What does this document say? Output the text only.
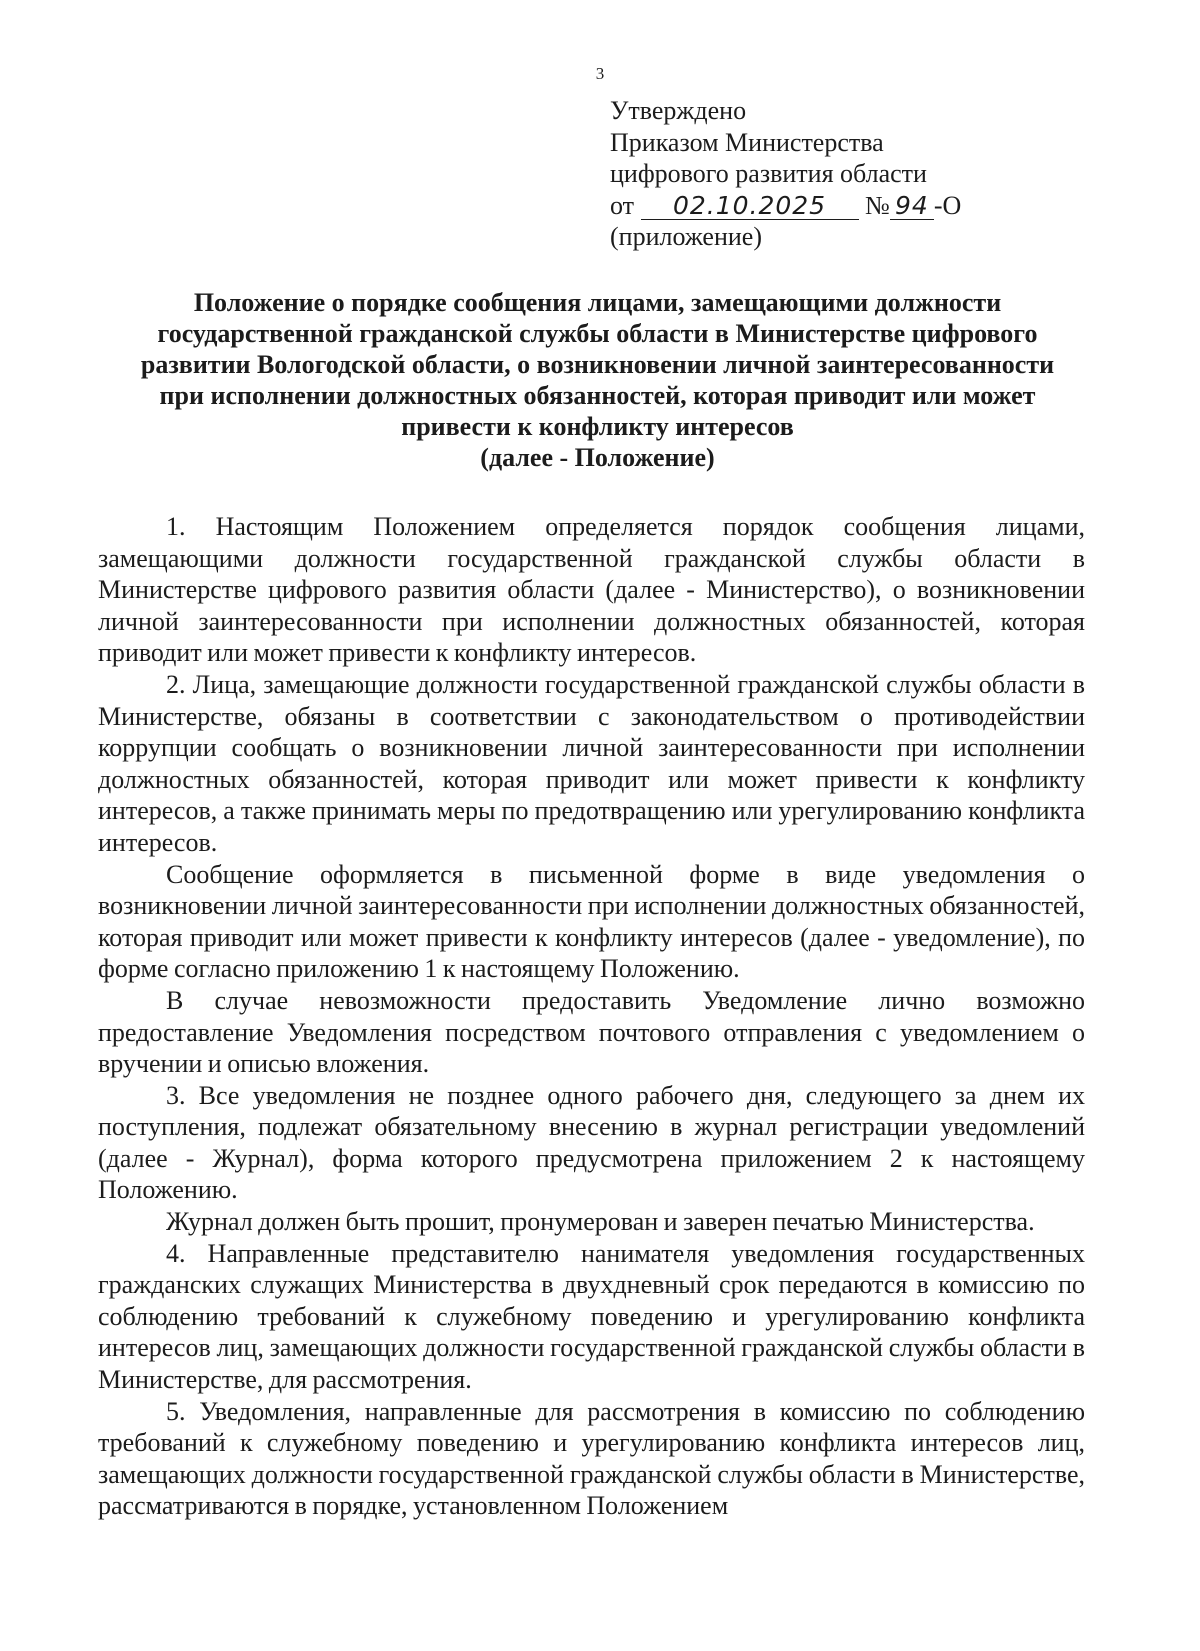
3
Утверждено
Приказом Министерства
цифрового развития области
от 02.10.2025 № 94 -О
(приложение)
Положение о порядке сообщения лицами, замещающими должности
государственной гражданской службы области в Министерстве цифрового
развитии Вологодской области, о возникновении личной заинтересованности
при исполнении должностных обязанностей, которая приводит или может
привести к конфликту интересов
(далее - Положение)

1. Настоящим Положением определяется порядок сообщения лицами, замещающими должности государственной гражданской службы области в Министерстве цифрового развития области (далее - Министерство), о возникновении личной заинтересованности при исполнении должностных обязанностей, которая приводит или может привести к конфликту интересов.

2. Лица, замещающие должности государственной гражданской службы области в Министерстве, обязаны в соответствии с законодательством о противодействии коррупции сообщать о возникновении личной заинтересованности при исполнении должностных обязанностей, которая приводит или может привести к конфликту интересов, а также принимать меры по предотвращению или урегулированию конфликта интересов.

Сообщение оформляется в письменной форме в виде уведомления о возникновении личной заинтересованности при исполнении должностных обязанностей, которая приводит или может привести к конфликту интересов (далее - уведомление), по форме согласно приложению 1 к настоящему Положению.

В случае невозможности предоставить Уведомление лично возможно предоставление Уведомления посредством почтового отправления с уведомлением о вручении и описью вложения.

3. Все уведомления не позднее одного рабочего дня, следующего за днем их поступления, подлежат обязательному внесению в журнал регистрации уведомлений (далее - Журнал), форма которого предусмотрена приложением 2 к настоящему Положению.

Журнал должен быть прошит, пронумерован и заверен печатью Министерства.

4. Направленные представителю нанимателя уведомления государственных гражданских служащих Министерства в двухдневный срок передаются в комиссию по соблюдению требований к служебному поведению и урегулированию конфликта интересов лиц, замещающих должности государственной гражданской службы области в Министерстве, для рассмотрения.

5. Уведомления, направленные для рассмотрения в комиссию по соблюдению требований к служебному поведению и урегулированию конфликта интересов лиц, замещающих должности государственной гражданской службы области в Министерстве, рассматриваются в порядке, установленном Положением
